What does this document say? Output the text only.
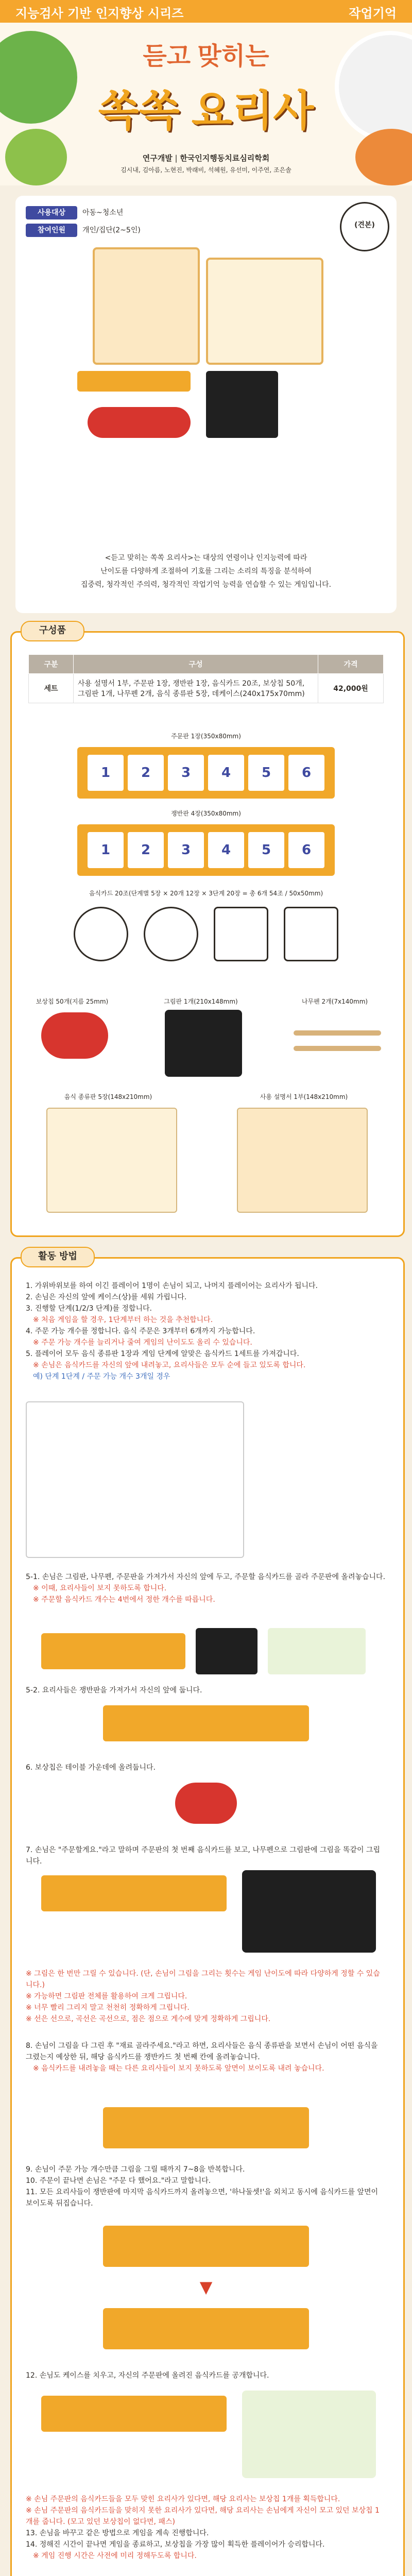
지능검사 기반 인지향상 시리즈	작업기억
듣고 맞히는
쏙쏙 요리사
연구개발 | 한국인지행동치료심리학회
김시내, 김아름, 노현진, 박래비, 석혜원, 유선미, 이주연, 조은솔
사용대상	아동~청소년
참여인원	개인/집단(2~5인)
(견본)
<듣고 맞히는 쏙쏙 요리사>는 대상의 연령이나 인지능력에 따라
난이도를 다양하게 조절하여 기호를 그리는 소리의 특징을 분석하여
집중력, 청각적인 주의력, 청각적인 작업기억 능력을 연습할 수 있는 게임입니다.
구성품
구분	구성	가격
세트	사용 설명서 1부, 주문판 1장, 쟁반판 1장, 음식카드 20조, 보상칩 50개, 그림판 1개, 나무펜 2개, 음식 종류판 5장, 데케이스(240x175x70mm)	42,000원
주문판 1장(350x80mm)
1	2	3	4	5	6
쟁반판 4장(350x80mm)
1	2	3	4	5	6
음식카드 20조(단계별 5장 × 20개 12장 × 3단계 20장 = 총 6개 54조 / 50x50mm)
보상칩 50개(지름 25mm)	그림판 1개(210x148mm)	나무펜 2개(7x140mm)
음식 종류판 5장(148x210mm)	사용 설명서 1부(148x210mm)
활동 방법
1. 가위바위보를 하여 이긴 플레이어 1명이 손님이 되고, 나머지 플레이어는 요리사가 됩니다.
2. 손님은 자신의 앞에 케이스(상)를 세워 가립니다.
3. 진행할 단계(1/2/3 단계)를 정합니다.
※ 처음 게임을 할 경우, 1단계부터 하는 것을 추천합니다.
4. 주문 가능 개수를 정합니다. 음식 주문은 3개부터 6개까지 가능합니다.
※ 주문 가능 개수를 늘리거나 줄여 게임의 난이도도 올리 수 있습니다.
5. 플레이어 모두 음식 종류판 1장과 게임 단계에 알맞은 음식카드 1세트를 가져갑니다.
※ 손님은 음식카드를 자신의 앞에 내려놓고, 요리사들은 모두 순에 들고 있도록 합니다.
예) 단계 1단계 / 주문 가능 개수 3개일 경우
5-1. 손님은 그림판, 나무펜, 주문판을 가져가서 자신의 앞에 두고, 주문할 음식카드를 골라 주문판에 올려놓습니다.
※ 이때, 요리사들이 보지 못하도록 합니다.
※ 주문할 음식카드 개수는 4번에서 정한 개수를 따릅니다.
5-2. 요리사들은 쟁반판을 가져가서 자신의 앞에 둡니다.
6. 보상칩은 테이블 가운데에 올려둡니다.
7. 손님은 "주문할게요."라고 말하며 주문판의 첫 번째 음식카드를 보고, 나무펜으로 그림판에 그림을 똑같이 그립니다.
※ 그림은 한 번만 그릴 수 있습니다. (단, 손님이 그림을 그리는 횟수는 게임 난이도에 따라 다양하게 정할 수 있습니다.)
※ 가능하면 그림판 전체를 활용하여 크게 그립니다.
※ 너무 빨리 그리지 말고 천천히 정확하게 그립니다.
※ 선은 선으로, 곡선은 곡선으로, 점은 점으로 게수에 맞게 정확하게 그립니다.
8. 손님이 그림을 다 그린 후 "재료 골라주세요."라고 하면, 요리사들은 음식 종류판을 보면서 손님이 어떤 음식을 그렸는지 예상한 뒤, 해당 음식카드를 쟁반카드 첫 번째 칸에 올려놓습니다.
※ 음식카드를 내려놓을 때는 다른 요리사들이 보지 못하도록 앞면이 보이도록 내려 놓습니다.
9. 손님이 주문 가능 개수만큼 그림을 그릴 때까지 7~8을 반복합니다.
10. 주문이 끝나면 손님은 "주문 다 했어요."라고 말합니다.
11. 모든 요리사들이 쟁반판에 마지막 음식카드까지 올려놓으면, '하나둘셋!'을 외치고 동시에 음식카드를 앞면이 보이도록 뒤집습니다.
▼
12. 손님도 케이스를 치우고, 자신의 주문판에 올려진 음식카드를 공개합니다.
※ 손님 주문판의 음식카드들을 모두 맞힌 요리사가 있다면, 해당 요리사는 보상칩 1개를 획득합니다.
※ 손님 주문판의 음식카드들을 맞히지 못한 요리사가 있다면, 해당 요리사는 손님에게 자신이 모고 있던 보상칩 1개를 줍니다. (모고 있던 보상칩이 없다면, 패스)
13. 손님을 바꾸고 같은 방법으로 게임을 계속 진행합니다.
14. 정해진 시간이 끝나면 게임을 종료하고, 보상칩을 가장 많이 획득한 플레이어가 승리합니다.
※ 게임 진행 시간은 사전에 미리 정해두도록 합니다.
